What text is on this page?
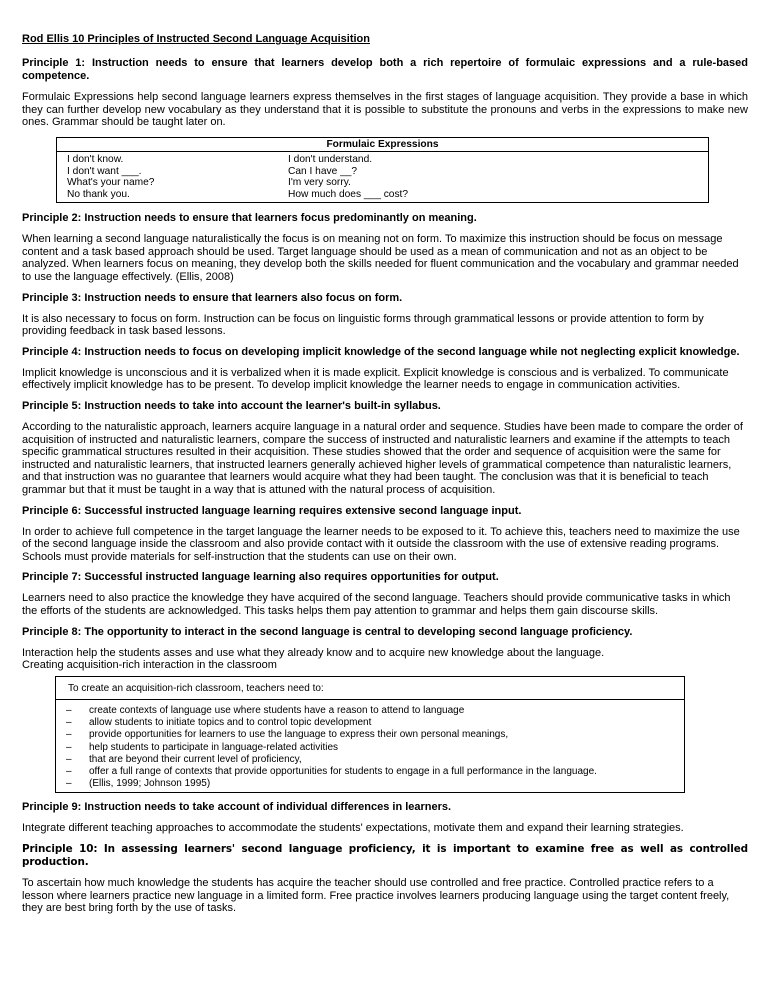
Rod Ellis 10 Principles of Instructed Second Language Acquisition
Principle 1: Instruction needs to ensure that learners develop both a rich repertoire of formulaic expressions and a rule-based competence.
Formulaic Expressions help second language learners express themselves in the first stages of language acquisition. They provide a base in which they can further develop new vocabulary as they understand that it is possible to substitute the pronouns and verbs in the expressions to make new ones. Grammar should be taught later on.
Formulaic Expressions
I don't know.	I don't understand.
I don't want ___.	Can I have __?
What's your name?	I'm very sorry.
No thank you.	How much does ___ cost?
Principle 2: Instruction needs to ensure that learners focus predominantly on meaning.
When learning a second language naturalistically the focus is on meaning not on form. To maximize this instruction should be focus on message content and a task based approach should be used. Target language should be used as a mean of communication and not as an object to be analyzed. When learners focus on meaning, they develop both the skills needed for fluent communication and the vocabulary and grammar needed to use the language effectively. (Ellis, 2008)
Principle 3: Instruction needs to ensure that learners also focus on form.
It is also necessary to focus on form. Instruction can be focus on linguistic forms through grammatical lessons or provide attention to form by providing feedback in task based lessons.
Principle 4: Instruction needs to focus on developing implicit knowledge of the second language while not neglecting explicit knowledge.
Implicit knowledge is unconscious and it is verbalized when it is made explicit. Explicit knowledge is conscious and is verbalized. To communicate effectively implicit knowledge has to be present. To develop implicit knowledge the learner needs to engage in communication activities.
Principle 5: Instruction needs to take into account the learner's built-in syllabus.
According to the naturalistic approach, learners acquire language in a natural order and sequence. Studies have been made to compare the order of acquisition of instructed and naturalistic learners, compare the success of instructed and naturalistic learners and examine if the attempts to teach specific grammatical structures resulted in their acquisition. These studies showed that the order and sequence of acquisition were the same for instructed and naturalistic learners, that instructed learners generally achieved higher levels of grammatical competence than naturalistic learners, and that instruction was no guarantee that learners would acquire what they had been taught. The conclusion was that it is beneficial to teach grammar but that it must be taught in a way that is attuned with the natural process of acquisition.
Principle 6: Successful instructed language learning requires extensive second language input.
In order to achieve full competence in the target language the learner needs to be exposed to it. To achieve this, teachers need to maximize the use of the second language inside the classroom and also provide contact with it outside the classroom with the use of extensive reading programs. Schools must provide materials for self-instruction that the students can use on their own.
Principle 7: Successful instructed language learning also requires opportunities for output.
Learners need to also practice the knowledge they have acquired of the second language. Teachers should provide communicative tasks in which the efforts of the students are acknowledged. This tasks helps them pay attention to grammar and helps them gain discourse skills.
Principle 8: The opportunity to interact in the second language is central to developing second language proficiency.
Interaction help the students asses and use what they already know and to acquire new knowledge about the language.
Creating acquisition-rich interaction in the classroom
To create an acquisition-rich classroom, teachers need to:
–	create contexts of language use where students have a reason to attend to language
–	allow students to initiate topics and to control topic development
–	provide opportunities for learners to use the language to express their own personal meanings,
–	help students to participate in language-related activities
–	that are beyond their current level of proficiency,
–	offer a full range of contexts that provide opportunities for students to engage in a full performance in the language.
–	(Ellis, 1999; Johnson 1995)
Principle 9: Instruction needs to take account of individual differences in learners.
Integrate different teaching approaches to accommodate the students' expectations, motivate them and expand their learning strategies.
Principle 10: In assessing learners' second language proficiency, it is important to examine free as well as controlled production.
To ascertain how much knowledge the students has acquire the teacher should use controlled and free practice. Controlled practice refers to a lesson where learners practice new language in a limited form. Free practice involves learners producing language using the target content freely, they are best bring forth by the use of tasks.
